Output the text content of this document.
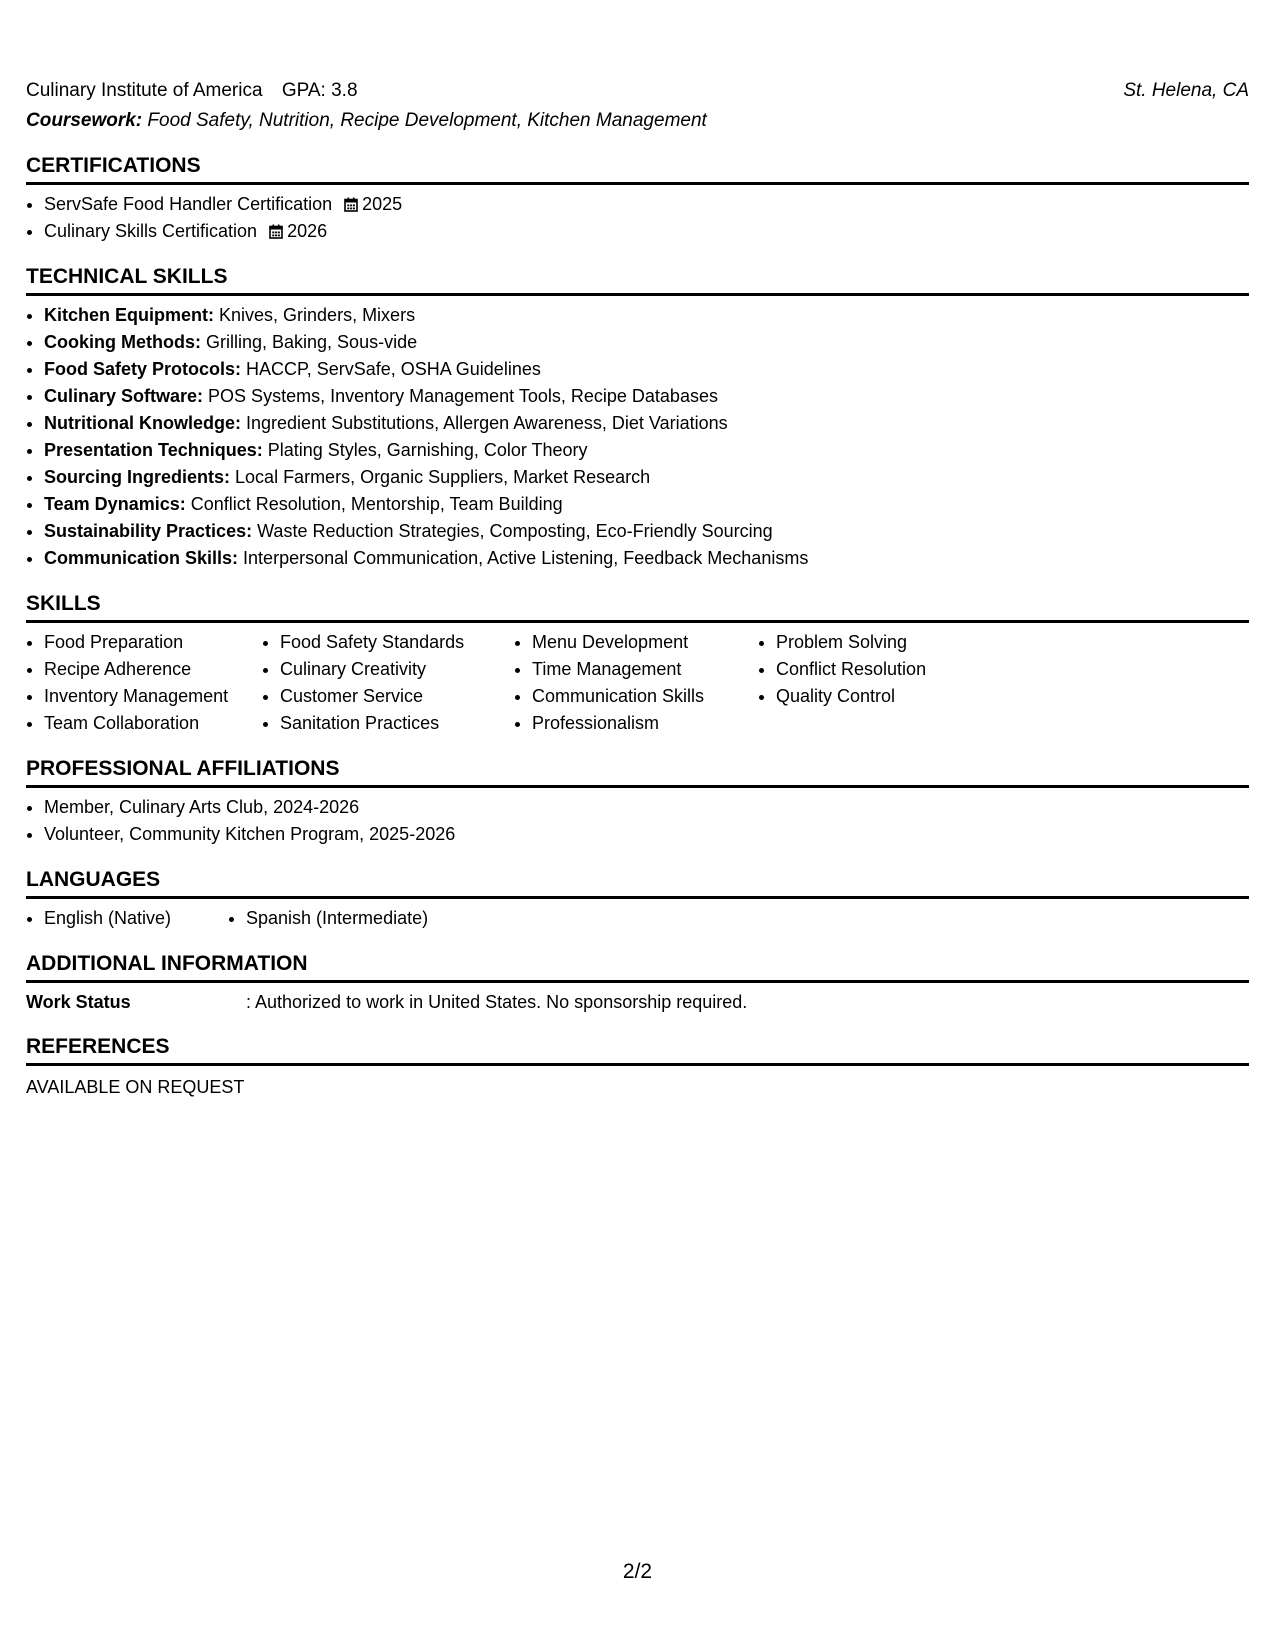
Culinary Institute of America GPA: 3.8	St. Helena, CA
Coursework: Food Safety, Nutrition, Recipe Development, Kitchen Management
CERTIFICATIONS
• ServSafe Food Handler Certification 2025
• Culinary Skills Certification 2026
TECHNICAL SKILLS
• Kitchen Equipment: Knives, Grinders, Mixers
• Cooking Methods: Grilling, Baking, Sous-vide
• Food Safety Protocols: HACCP, ServSafe, OSHA Guidelines
• Culinary Software: POS Systems, Inventory Management Tools, Recipe Databases
• Nutritional Knowledge: Ingredient Substitutions, Allergen Awareness, Diet Variations
• Presentation Techniques: Plating Styles, Garnishing, Color Theory
• Sourcing Ingredients: Local Farmers, Organic Suppliers, Market Research
• Team Dynamics: Conflict Resolution, Mentorship, Team Building
• Sustainability Practices: Waste Reduction Strategies, Composting, Eco-Friendly Sourcing
• Communication Skills: Interpersonal Communication, Active Listening, Feedback Mechanisms
SKILLS
• Food Preparation
• Recipe Adherence
• Inventory Management
• Team Collaboration
• Food Safety Standards
• Culinary Creativity
• Customer Service
• Sanitation Practices
• Menu Development
• Time Management
• Communication Skills
• Professionalism
• Problem Solving
• Conflict Resolution
• Quality Control
PROFESSIONAL AFFILIATIONS
• Member, Culinary Arts Club, 2024-2026
• Volunteer, Community Kitchen Program, 2025-2026
LANGUAGES
• English (Native)
•	Spanish (Intermediate)
ADDITIONAL INFORMATION
Work Status	: Authorized to work in United States. No sponsorship required.
REFERENCES
AVAILABLE ON REQUEST
2/2
